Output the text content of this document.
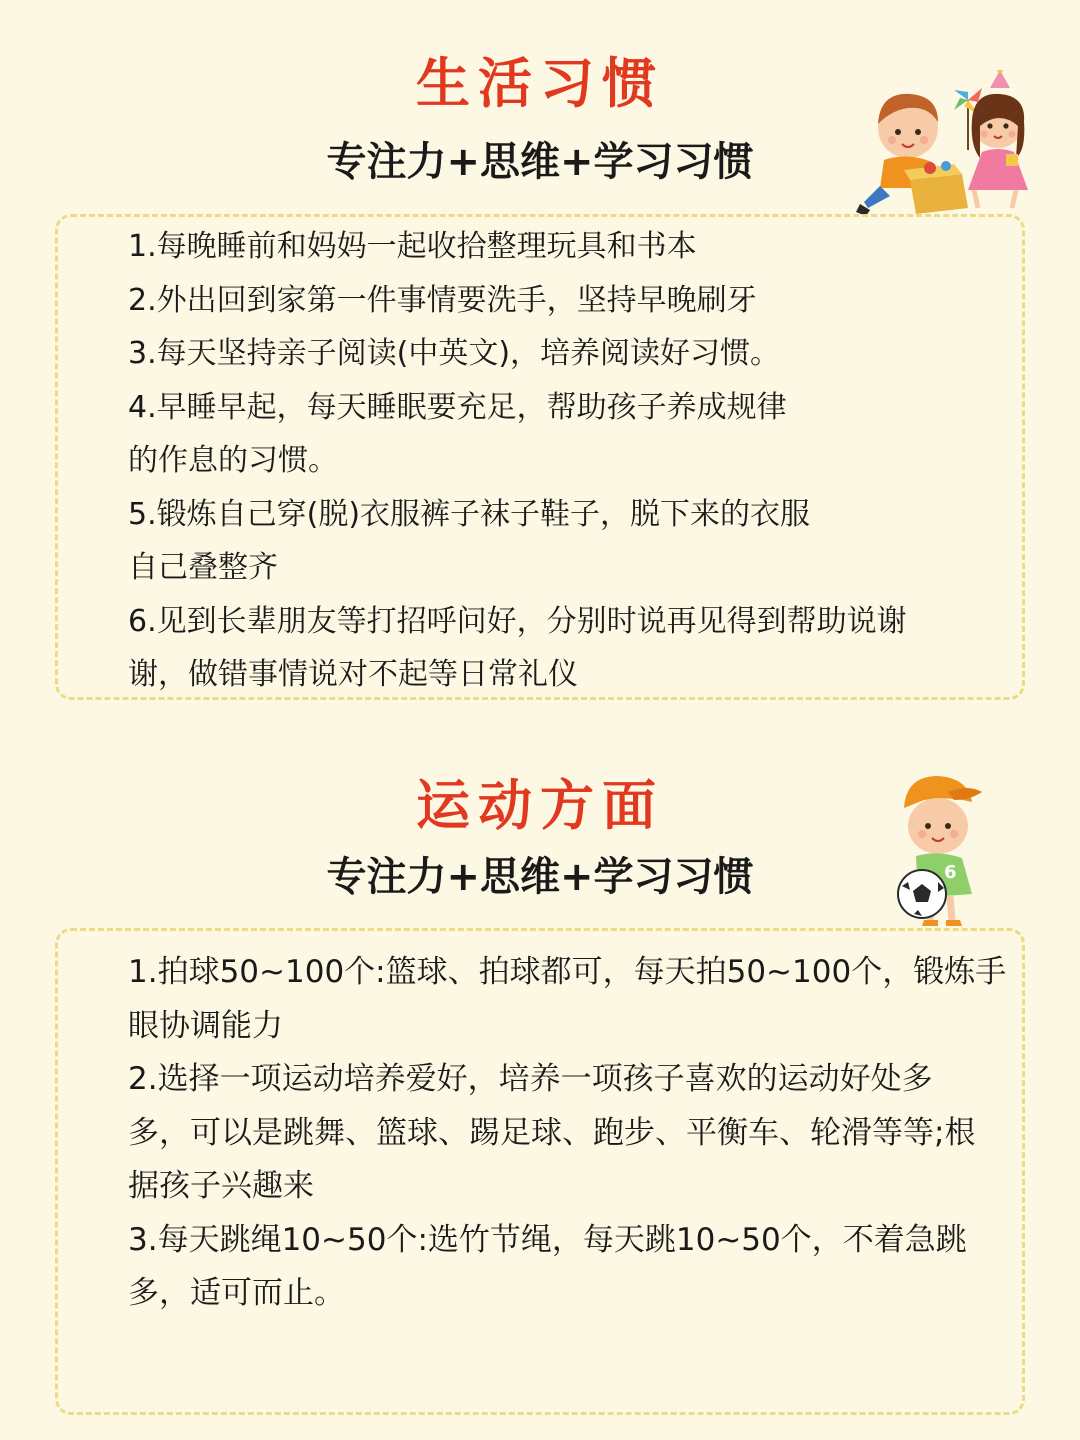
生活习惯
专注力+思维+学习习惯
1.每晚睡前和妈妈一起收拾整理玩具和书本
2.外出回到家第一件事情要洗手，坚持早晚刷牙
3.每天坚持亲子阅读(中英文)，培养阅读好习惯。
4.早睡早起，每天睡眠要充足，帮助孩子养成规律
的作息的习惯。
5.锻炼自己穿(脱)衣服裤子袜子鞋子，脱下来的衣服
自己叠整齐
6.见到长辈朋友等打招呼问好，分别时说再见得到帮助说谢
谢，做错事情说对不起等日常礼仪
运动方面
专注力+思维+学习习惯	6
1.拍球50~100个:篮球、拍球都可，每天拍50~100个，锻炼手
眼协调能力
2.选择一项运动培养爱好，培养一项孩子喜欢的运动好处多
多，可以是跳舞、篮球、踢足球、跑步、平衡车、轮滑等等;根
据孩子兴趣来
3.每天跳绳10~50个:选竹节绳，每天跳10~50个，不着急跳
多，适可而止。
